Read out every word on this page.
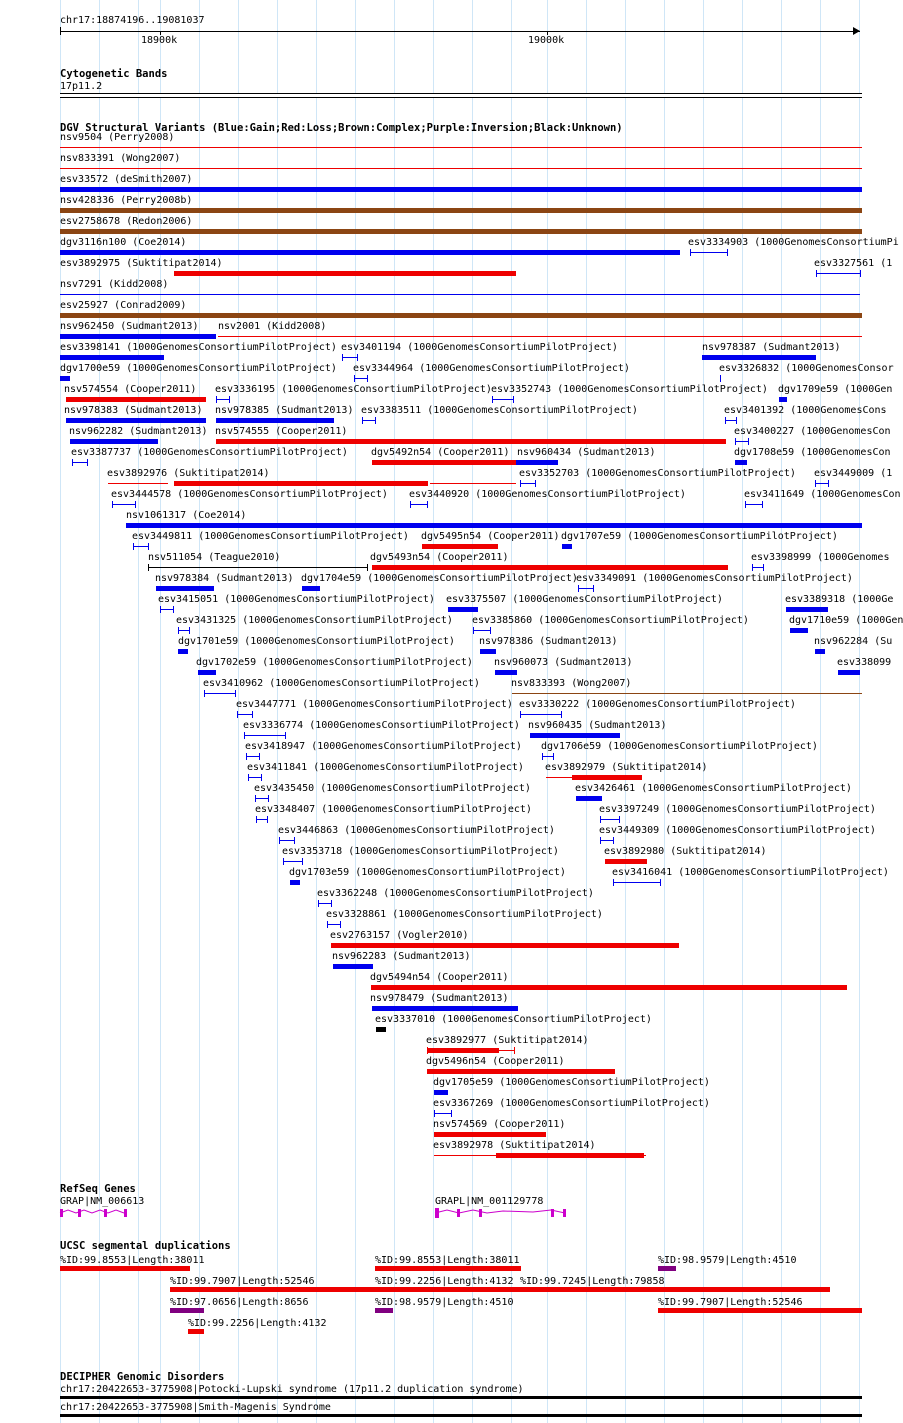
chr17:18874196..19081037
18900k	19000k
Cytogenetic Bands
17p11.2
DGV Structural Variants (Blue:Gain;Red:Loss;Brown:Complex;Purple:Inversion;Black:Unknown)
nsv9504 (Perry2008)
nsv833391 (Wong2007)
esv33572 (deSmith2007)
nsv428336 (Perry2008b)
esv2758678 (Redon2006)
dgv3116n100 (Coe2014)	esv3334903 (1000GenomesConsortiumPi
esv3892975 (Suktitipat2014)	esv3327561 (1
nsv7291 (Kidd2008)
esv25927 (Conrad2009)
nsv962450 (Sudmant2013) nsv2001 (Kidd2008)
esv3398141 (1000GenomesConsortiumPilotProject) esv3401194 (1000GenomesConsortiumPilotProject)	nsv978387 (Sudmant2013)
dgv1700e59 (1000GenomesConsortiumPilotProject) esv3344964 (1000GenomesConsortiumPilotProject)	esv3326832 (1000GenomesConsor
nsv574554 (Cooper2011) esv3336195 (1000GenomesConsortiumPilotProject) esv3352743 (1000GenomesConsortiumPilotProject) dgv1709e59 (1000Gen
nsv978383 (Sudmant2013) nsv978385 (Sudmant2013) esv3383511 (1000GenomesConsortiumPilotProject)	esv3401392 (1000GenomesCons
nsv962282 (Sudmant2013) nsv574555 (Cooper2011)	esv3400227 (1000GenomesCon
esv3387737 (1000GenomesConsortiumPilotProject) dgv5492n54 (Cooper2011) nsv960434 (Sudmant2013)	dgv1708e59 (1000GenomesCon
esv3892976 (Suktitipat2014)	esv3352703 (1000GenomesConsortiumPilotProject) esv3449009 (1
esv3444578 (1000GenomesConsortiumPilotProject) esv3440920 (1000GenomesConsortiumPilotProject)	esv3411649 (1000GenomesCon
nsv1061317 (Coe2014)
esv3449811 (1000GenomesConsortiumPilotProject) dgv5495n54 (Cooper2011) dgv1707e59 (1000GenomesConsortiumPilotProject)
nsv511054 (Teague2010)	dgv5493n54 (Cooper2011)	esv3398999 (1000Genomes
nsv978384 (Sudmant2013) dgv1704e59 (1000GenomesConsortiumPilotProject)
esv3349091 (1000GenomesConsortiumPilotProject)
esv3415051 (1000GenomesConsortiumPilotProject) esv3375507 (1000GenomesConsortiumPilotProject)	esv3389318 (1000Ge
esv3431325 (1000GenomesConsortiumPilotProject) esv3385860 (1000GenomesConsortiumPilotProject)	dgv1710e59 (1000Gen
dgv1701e59 (1000GenomesConsortiumPilotProject) nsv978386 (Sudmant2013)	nsv962284 (Su
dgv1702e59 (1000GenomesConsortiumPilotProject) nsv960073 (Sudmant2013)	esv338099
esv3410962 (1000GenomesConsortiumPilotProject)	nsv833393 (Wong2007)
esv3447771 (1000GenomesConsortiumPilotProject) esv3330222 (1000GenomesConsortiumPilotProject)
esv3336774 (1000GenomesConsortiumPilotProject) nsv960435 (Sudmant2013)
esv3418947 (1000GenomesConsortiumPilotProject) dgv1706e59 (1000GenomesConsortiumPilotProject)
esv3411841 (1000GenomesConsortiumPilotProject) esv3892979 (Suktitipat2014)
esv3435450 (1000GenomesConsortiumPilotProject)	esv3426461 (1000GenomesConsortiumPilotProject)
esv3348407 (1000GenomesConsortiumPilotProject)	esv3397249 (1000GenomesConsortiumPilotProject)
esv3446863 (1000GenomesConsortiumPilotProject)	esv3449309 (1000GenomesConsortiumPilotProject)
esv3353718 (1000GenomesConsortiumPilotProject)	esv3892980 (Suktitipat2014)
dgv1703e59 (1000GenomesConsortiumPilotProject)	esv3416041 (1000GenomesConsortiumPilotProject)
esv3362248 (1000GenomesConsortiumPilotProject)
esv3328861 (1000GenomesConsortiumPilotProject)
esv2763157 (Vogler2010)
nsv962283 (Sudmant2013)
dgv5494n54 (Cooper2011)
nsv978479 (Sudmant2013)
esv3337010 (1000GenomesConsortiumPilotProject)
esv3892977 (Suktitipat2014)
dgv5496n54 (Cooper2011)
dgv1705e59 (1000GenomesConsortiumPilotProject)
esv3367269 (1000GenomesConsortiumPilotProject)
nsv574569 (Cooper2011)
esv3892978 (Suktitipat2014)
RefSeq Genes
GRAP|NM_006613	GRAPL|NM_001129778
UCSC segmental duplications
%ID:99.8553|Length:38011	%ID:99.8553|Length:38011	%ID:98.9579|Length:4510
%ID:99.7907|Length:52546	%ID:99.2256|Length:4132 %ID:99.7245|Length:79858
%ID:97.0656|Length:8656	%ID:98.9579|Length:4510	%ID:99.7907|Length:52546
%ID:99.2256|Length:4132
DECIPHER Genomic Disorders
chr17:20422653-3775908|Potocki-Lupski syndrome (17p11.2 duplication syndrome)
chr17:20422653-3775908|Smith-Magenis Syndrome
